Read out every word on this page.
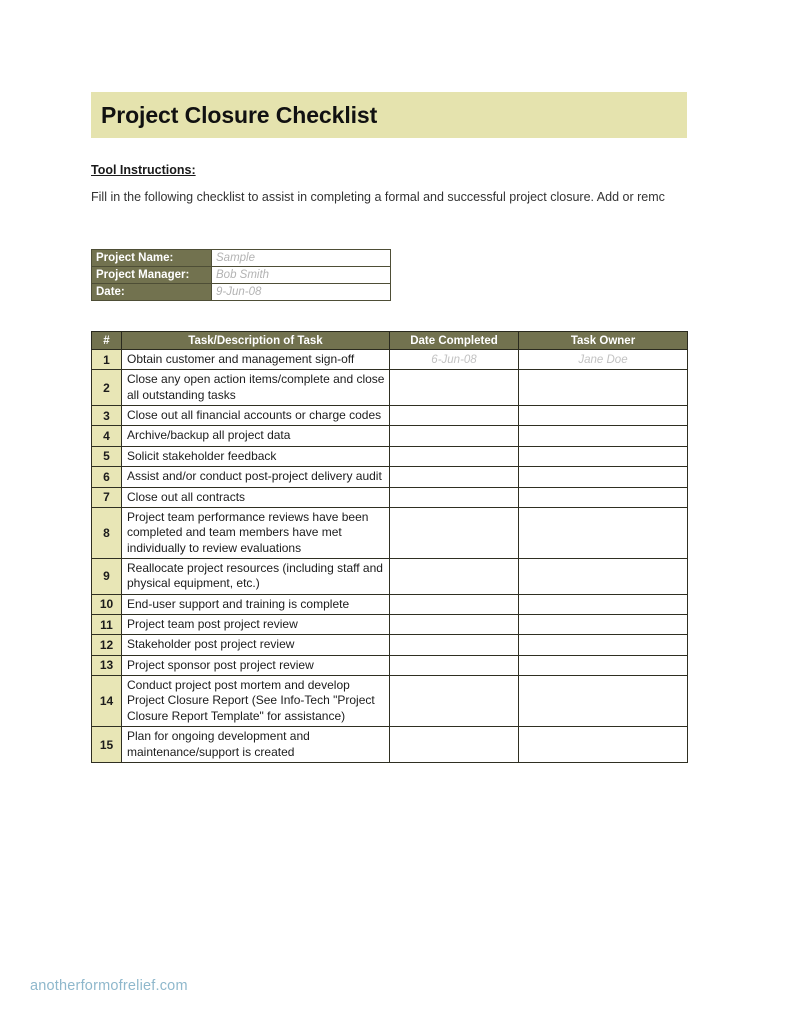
Project Closure Checklist
Tool Instructions:
Fill in the following checklist to assist in completing a formal and successful project closure. Add or remc
Project Name:	Sample
Project Manager:	Bob Smith
Date:	9-Jun-08
#	Task/Description of Task	Date Completed	Task Owner
1	Obtain customer and management sign-off	6-Jun-08	Jane Doe
2	Close any open action items/complete and close all outstanding tasks		
3	Close out all financial accounts or charge codes		
4	Archive/backup all project data		
5	Solicit stakeholder feedback		
6	Assist and/or conduct post-project delivery audit		
7	Close out all contracts		
8	Project team performance reviews have been completed and team members have met individually to review evaluations		
9	Reallocate project resources (including staff and physical equipment, etc.)		
10	End-user support and training is complete		
11	Project team post project review		
12	Stakeholder post project review		
13	Project sponsor post project review		
14	Conduct project post mortem and develop Project Closure Report (See Info-Tech "Project Closure Report Template" for assistance)		
15	Plan for ongoing development and maintenance/support is created		
anotherformofrelief.com
